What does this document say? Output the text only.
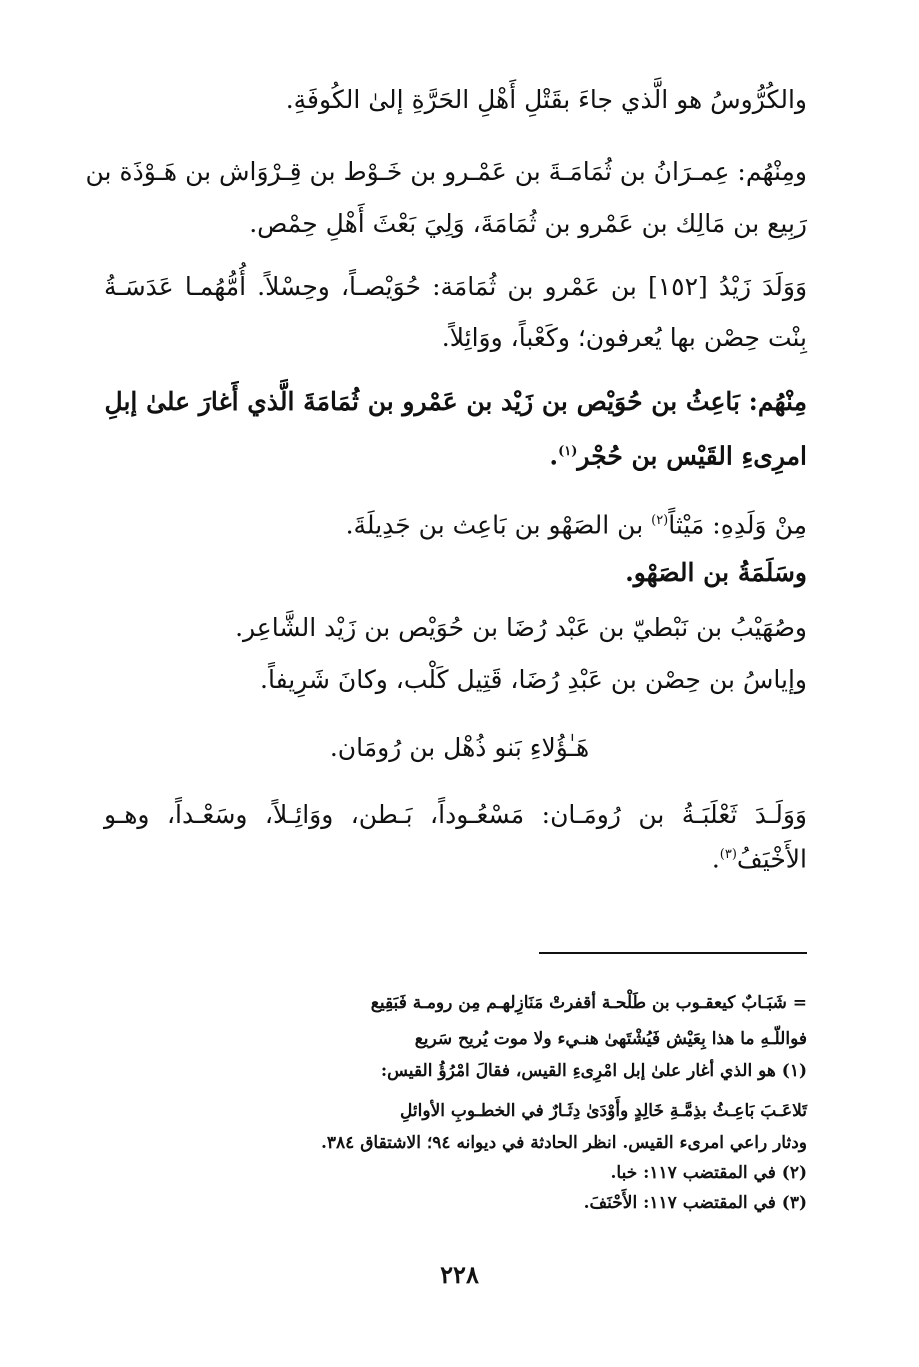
والكُرُّوسُ هو الَّذي جاءَ بقَتْلِ أَهْلِ الحَرَّةِ إلىٰ الكُوفَةِ.
ومِنْهُم: عِمـرَانُ بن ثُمَامَـةَ بن عَمْـرو بن خَـوْط بن قِـرْوَاش بن هَـوْذَة بن
رَبِيع بن مَالِك بن عَمْرو بن ثُمَامَةَ، وَلِيَ بَعْثَ أَهْلِ حِمْص.
وَوَلَدَ زَيْدُ [١٥٢] بن عَمْرو بن ثُمَامَة: حُوَيْصـاً، وحِسْلاً. أُمُّهُمـا عَدَسَـةُ
بِنْت حِصْن بها يُعرفون؛ وكَعْباً، ووَائِلاً.
مِنْهُم: بَاعِثُ بن حُوَيْص بن زَيْد بن عَمْرو بن ثُمَامَةَ الَّذي أَغارَ علىٰ إبلِ
امرِىءِ القَيْس بن حُجْر$^{(١)}$.
مِنْ وَلَدِهِ: مَيْثاً$^{(٢)}$ بن الصَهْو بن بَاعِث بن جَدِيلَةَ.
وسَلَمَةُ بن الصَهْو.
وصُهَيْبُ بن نَبْطيّ بن عَبْد رُضَا بن حُوَيْص بن زَيْد الشَّاعِر.
وإياسُ بن حِصْن بن عَبْدِ رُضَا، قَتِيل كَلْب، وكانَ شَرِيفاً.
هَـٰؤُلاءِ بَنو ذُهْل بن رُومَان.
وَوَلَـدَ ثَعْلَبَـةُ بن رُومَـان: مَسْعُـوداً، بَـطن، ووَائِـلاً، وسَعْـداً، وهـو
الأَخْيَفُ$^{(٣)}$.
= شَبَـابٌ كيعقـوب بن طَلْحـة أقفرتْ مَنَازِلهـم مِن رومـة فَبَقِيع
فواللّـهِ ما هذا بِعَيْش فَيُشْتَهىٰ هنـيء ولا موت يُريح سَريع
(١) هو الذي أغار علىٰ إبل امْرِىءِ القيس، فقالَ امْرُؤُ القيس:
تَلاعَـبَ بَاعِـثُ بذِمَّـةِ خَالِدٍ وأَوْدَىٰ دِثَـارٌ في الخطـوبِ الأوائلِ
ودثار راعي امرىء القيس. انظر الحادثة في ديوانه ٩٤؛ الاشتقاق ٣٨٤.
(٢) في المقتضب ١١٧: خبا.
(٣) في المقتضب ١١٧: الأَحْنَفَ.
٢٢٨
